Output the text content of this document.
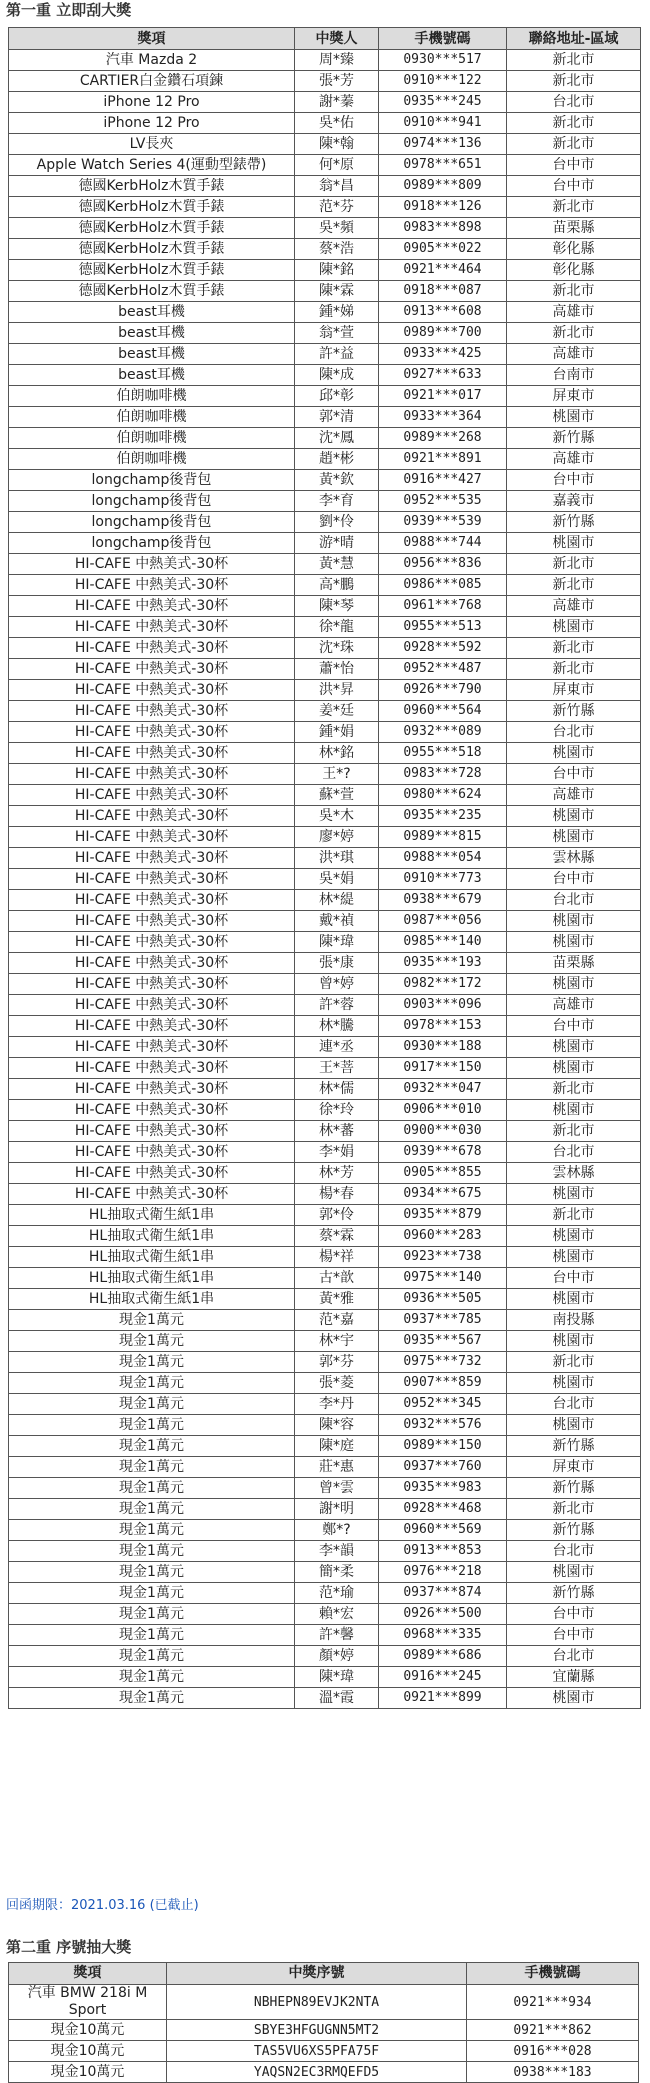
第一重 立即刮大獎
獎項	中獎人	手機號碼	聯絡地址-區域
汽車 Mazda 2	周*臻	0930***517	新北市
CARTIER白金鑽石項鍊	張*芳	0910***122	新北市
iPhone 12 Pro	謝*蓁	0935***245	台北市
iPhone 12 Pro	吳*佑	0910***941	新北市
LV長夾	陳*翰	0974***136	新北市
Apple Watch Series 4(運動型錶帶)	何*原	0978***651	台中市
德國KerbHolz木質手錶	翁*昌	0989***809	台中市
德國KerbHolz木質手錶	范*芬	0918***126	新北市
德國KerbHolz木質手錶	吳*頻	0983***898	苗栗縣
德國KerbHolz木質手錶	蔡*浩	0905***022	彰化縣
德國KerbHolz木質手錶	陳*銘	0921***464	彰化縣
德國KerbHolz木質手錶	陳*霖	0918***087	新北市
beast耳機	鍾*娣	0913***608	高雄市
beast耳機	翁*萱	0989***700	新北市
beast耳機	許*益	0933***425	高雄市
beast耳機	陳*成	0927***633	台南市
伯朗咖啡機	邱*彰	0921***017	屏東市
伯朗咖啡機	郭*清	0933***364	桃園市
伯朗咖啡機	沈*鳳	0989***268	新竹縣
伯朗咖啡機	趙*彬	0921***891	高雄市
longchamp後背包	黃*欽	0916***427	台中市
longchamp後背包	李*育	0952***535	嘉義市
longchamp後背包	劉*伶	0939***539	新竹縣
longchamp後背包	游*晴	0988***744	桃園市
HI-CAFE 中熱美式-30杯	黃*慧	0956***836	新北市
HI-CAFE 中熱美式-30杯	高*鵬	0986***085	新北市
HI-CAFE 中熱美式-30杯	陳*琴	0961***768	高雄市
HI-CAFE 中熱美式-30杯	徐*龍	0955***513	桃園市
HI-CAFE 中熱美式-30杯	沈*珠	0928***592	新北市
HI-CAFE 中熱美式-30杯	蕭*怡	0952***487	新北市
HI-CAFE 中熱美式-30杯	洪*昇	0926***790	屏東市
HI-CAFE 中熱美式-30杯	姜*廷	0960***564	新竹縣
HI-CAFE 中熱美式-30杯	鍾*娟	0932***089	台北市
HI-CAFE 中熱美式-30杯	林*銘	0955***518	桃園市
HI-CAFE 中熱美式-30杯	王*?	0983***728	台中市
HI-CAFE 中熱美式-30杯	蘇*萱	0980***624	高雄市
HI-CAFE 中熱美式-30杯	吳*木	0935***235	桃園市
HI-CAFE 中熱美式-30杯	廖*婷	0989***815	桃園市
HI-CAFE 中熱美式-30杯	洪*琪	0988***054	雲林縣
HI-CAFE 中熱美式-30杯	吳*娟	0910***773	台中市
HI-CAFE 中熱美式-30杯	林*緹	0938***679	台北市
HI-CAFE 中熱美式-30杯	戴*禎	0987***056	桃園市
HI-CAFE 中熱美式-30杯	陳*瑋	0985***140	桃園市
HI-CAFE 中熱美式-30杯	張*康	0935***193	苗栗縣
HI-CAFE 中熱美式-30杯	曾*婷	0982***172	桃園市
HI-CAFE 中熱美式-30杯	許*蓉	0903***096	高雄市
HI-CAFE 中熱美式-30杯	林*騰	0978***153	台中市
HI-CAFE 中熱美式-30杯	連*丞	0930***188	桃園市
HI-CAFE 中熱美式-30杯	王*菩	0917***150	桃園市
HI-CAFE 中熱美式-30杯	林*儒	0932***047	新北市
HI-CAFE 中熱美式-30杯	徐*玲	0906***010	桃園市
HI-CAFE 中熱美式-30杯	林*蕃	0900***030	新北市
HI-CAFE 中熱美式-30杯	李*娟	0939***678	台北市
HI-CAFE 中熱美式-30杯	林*芳	0905***855	雲林縣
HI-CAFE 中熱美式-30杯	楊*春	0934***675	桃園市
HL抽取式衛生紙1串	郭*伶	0935***879	新北市
HL抽取式衛生紙1串	蔡*霖	0960***283	桃園市
HL抽取式衛生紙1串	楊*祥	0923***738	桃園市
HL抽取式衛生紙1串	古*歆	0975***140	台中市
HL抽取式衛生紙1串	黃*雅	0936***505	桃園市
現金1萬元	范*嘉	0937***785	南投縣
現金1萬元	林*宇	0935***567	桃園市
現金1萬元	郭*芬	0975***732	新北市
現金1萬元	張*菱	0907***859	桃園市
現金1萬元	李*丹	0952***345	台北市
現金1萬元	陳*容	0932***576	桃園市
現金1萬元	陳*庭	0989***150	新竹縣
現金1萬元	莊*惠	0937***760	屏東市
現金1萬元	曾*雲	0935***983	新竹縣
現金1萬元	謝*明	0928***468	新北市
現金1萬元	鄭*?	0960***569	新竹縣
現金1萬元	李*韻	0913***853	台北市
現金1萬元	簡*柔	0976***218	桃園市
現金1萬元	范*瑜	0937***874	新竹縣
現金1萬元	賴*宏	0926***500	台中市
現金1萬元	許*馨	0968***335	台中市
現金1萬元	顏*婷	0989***686	台北市
現金1萬元	陳*瑋	0916***245	宜蘭縣
現金1萬元	溫*霞	0921***899	桃園市
回函期限：2021.03.16 (已截止)
第二重 序號抽大獎
獎項	中獎序號	手機號碼
汽車 BMW 218i M Sport	NBHEPN89EVJK2NTA	0921***934
現金10萬元	SBYE3HFGUGNN5MT2	0921***862
現金10萬元	TAS5VU6XS5PFA75F	0916***028
現金10萬元	YAQSN2EC3RMQEFD5	0938***183
